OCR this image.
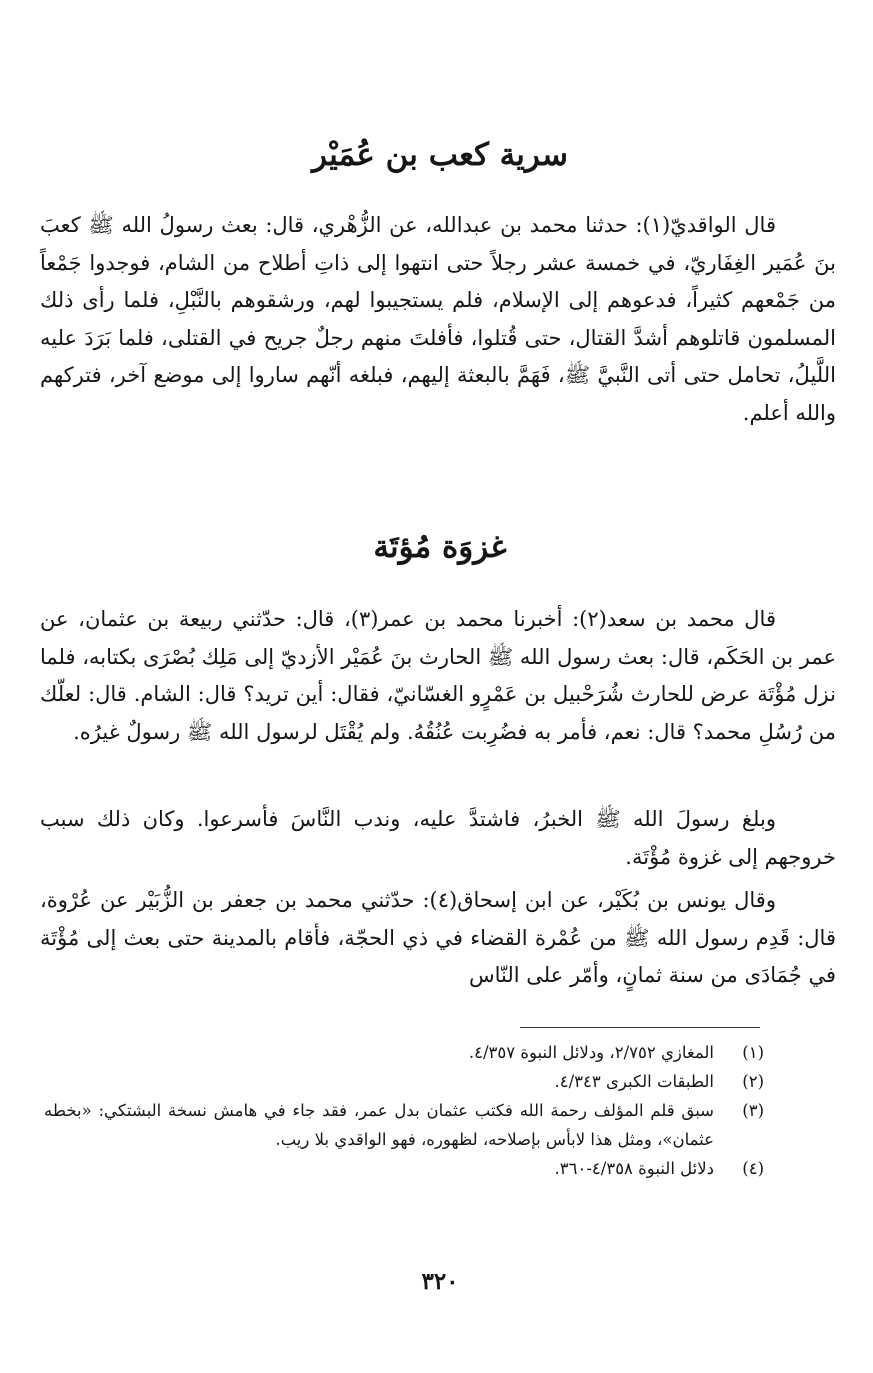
سرية كعب بن عُمَيْر

قال الواقديّ(١): حدثنا محمد بن عبدالله، عن الزُّهْري، قال: بعث رسولُ الله ﷺ كعبَ بنَ عُمَير الغِفَاريّ، في خمسة عشر رجلاً حتى انتهوا إلى ذاتِ أطلاح من الشام، فوجدوا جَمْعاً من جَمْعهم كثيراً، فدعوهم إلى الإسلام، فلم يستجيبوا لهم، ورشقوهم بالنَّبْلِ، فلما رأى ذلك المسلمون قاتلوهم أشدَّ القتال، حتى قُتلوا، فأفلتَ منهم رجلٌ جريح في القتلى، فلما بَرَدَ عليه اللَّيلُ، تحامل حتى أتى النَّبيَّ ﷺ، فَهَمَّ بالبعثة إليهم، فبلغه أنّهم ساروا إلى موضع آخر، فتركهم والله أعلم.

غزوَة مُؤتَة

قال محمد بن سعد(٢): أخبرنا محمد بن عمر(٣)، قال: حدّثني ربيعة بن عثمان، عن عمر بن الحَكَم، قال: بعث رسول الله ﷺ الحارث بنَ عُمَيْر الأزديّ إلى مَلِك بُصْرَى بكتابه، فلما نزل مُؤْتَة عرض للحارث شُرَحْبيل بن عَمْرٍو الغسّانيّ، فقال: أين تريد؟ قال: الشام. قال: لعلّك من رُسُلِ محمد؟ قال: نعم، فأمر به فضُرِبت عُنُقُهُ. ولم يُقْتَل لرسول الله ﷺ رسولٌ غيرُه.

وبلغ رسولَ الله ﷺ الخبرُ، فاشتدَّ عليه، وندب النَّاسَ فأسرعوا. وكان ذلك سبب خروجهم إلى غزوة مُؤْتَة.

وقال يونس بن بُكَيْر، عن ابن إسحاق(٤): حدّثني محمد بن جعفر بن الزُّبَيْر عن عُرْوة، قال: قَدِم رسول الله ﷺ من عُمْرة القضاء في ذي الحجّة، فأقام بالمدينة حتى بعث إلى مُؤْتَة في جُمَادَى من سنة ثمانٍ، وأمّر على النّاس

(١)
المغازي ٢/٧٥٢، ودلائل النبوة ٤/٣٥٧.
(٢)
الطبقات الكبرى ٤/٣٤٣.
(٣)
سبق قلم المؤلف رحمة الله فكتب عثمان بدل عمر، فقد جاء في هامش نسخة البشتكي: «بخطه عثمان»، ومثل هذا لابأس بإصلاحه، لظهوره، فهو الواقدي بلا ريب.
(٤)
دلائل النبوة ٤/٣٥٨-٣٦٠.

٣٢٠
